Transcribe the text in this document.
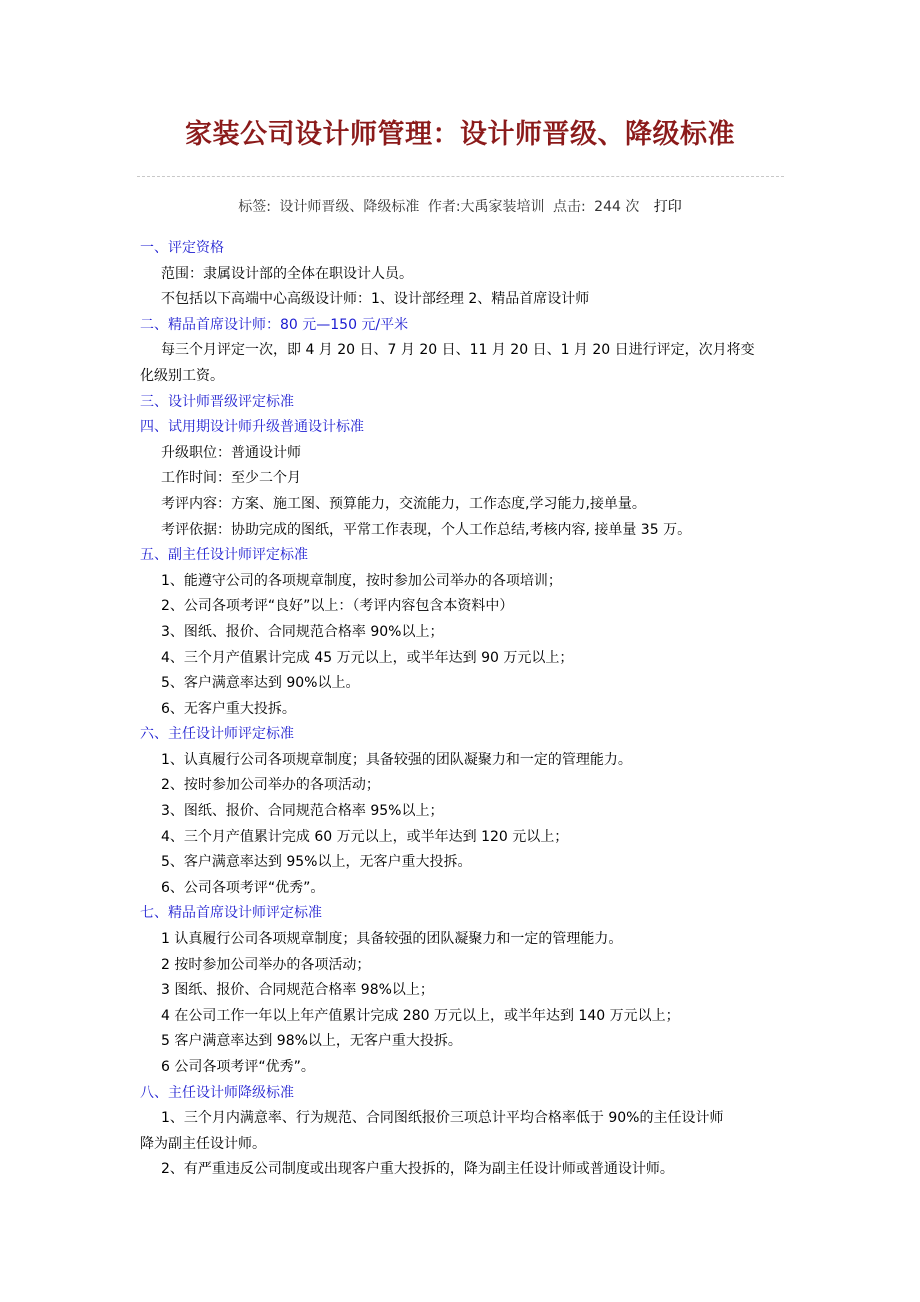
家装公司设计师管理：设计师晋级、降级标准
标签: 设计师晋级、降级标准 作者:大禹家装培训 点击: 244 次 打印
一、评定资格
范围：隶属设计部的全体在职设计人员。
不包括以下高端中心高级设计师：1、设计部经理 2、精品首席设计师
二、精品首席设计师：80 元—150 元/平米
每三个月评定一次，即 4 月 20 日、7 月 20 日、11 月 20 日、1 月 20 日进行评定，次月将变
化级别工资。
三、设计师晋级评定标准
四、试用期设计师升级普通设计标准
升级职位：普通设计师
工作时间：至少二个月
考评内容：方案、施工图、预算能力，交流能力，工作态度,学习能力,接单量。
考评依据：协助完成的图纸，平常工作表现，个人工作总结,考核内容, 接单量 35 万。
五、副主任设计师评定标准
1、能遵守公司的各项规章制度，按时参加公司举办的各项培训；
2、公司各项考评“良好”以上：（考评内容包含本资料中）
3、图纸、报价、合同规范合格率 90%以上；
4、三个月产值累计完成 45 万元以上，或半年达到 90 万元以上；
5、客户满意率达到 90%以上。
6、无客户重大投拆。
六、主任设计师评定标准
1、认真履行公司各项规章制度；具备较强的团队凝聚力和一定的管理能力。
2、按时参加公司举办的各项活动；
3、图纸、报价、合同规范合格率 95%以上；
4、三个月产值累计完成 60 万元以上，或半年达到 120 元以上；
5、客户满意率达到 95%以上，无客户重大投拆。
6、公司各项考评“优秀”。
七、精品首席设计师评定标准
1 认真履行公司各项规章制度；具备较强的团队凝聚力和一定的管理能力。
2 按时参加公司举办的各项活动；
3 图纸、报价、合同规范合格率 98%以上；
4 在公司工作一年以上年产值累计完成 280 万元以上，或半年达到 140 万元以上；
5 客户满意率达到 98%以上，无客户重大投拆。
6 公司各项考评“优秀”。
八、主任设计师降级标准
1、三个月内满意率、行为规范、合同图纸报价三项总计平均合格率低于 90%的主任设计师
降为副主任设计师。
2、有严重违反公司制度或出现客户重大投拆的，降为副主任设计师或普通设计师。
